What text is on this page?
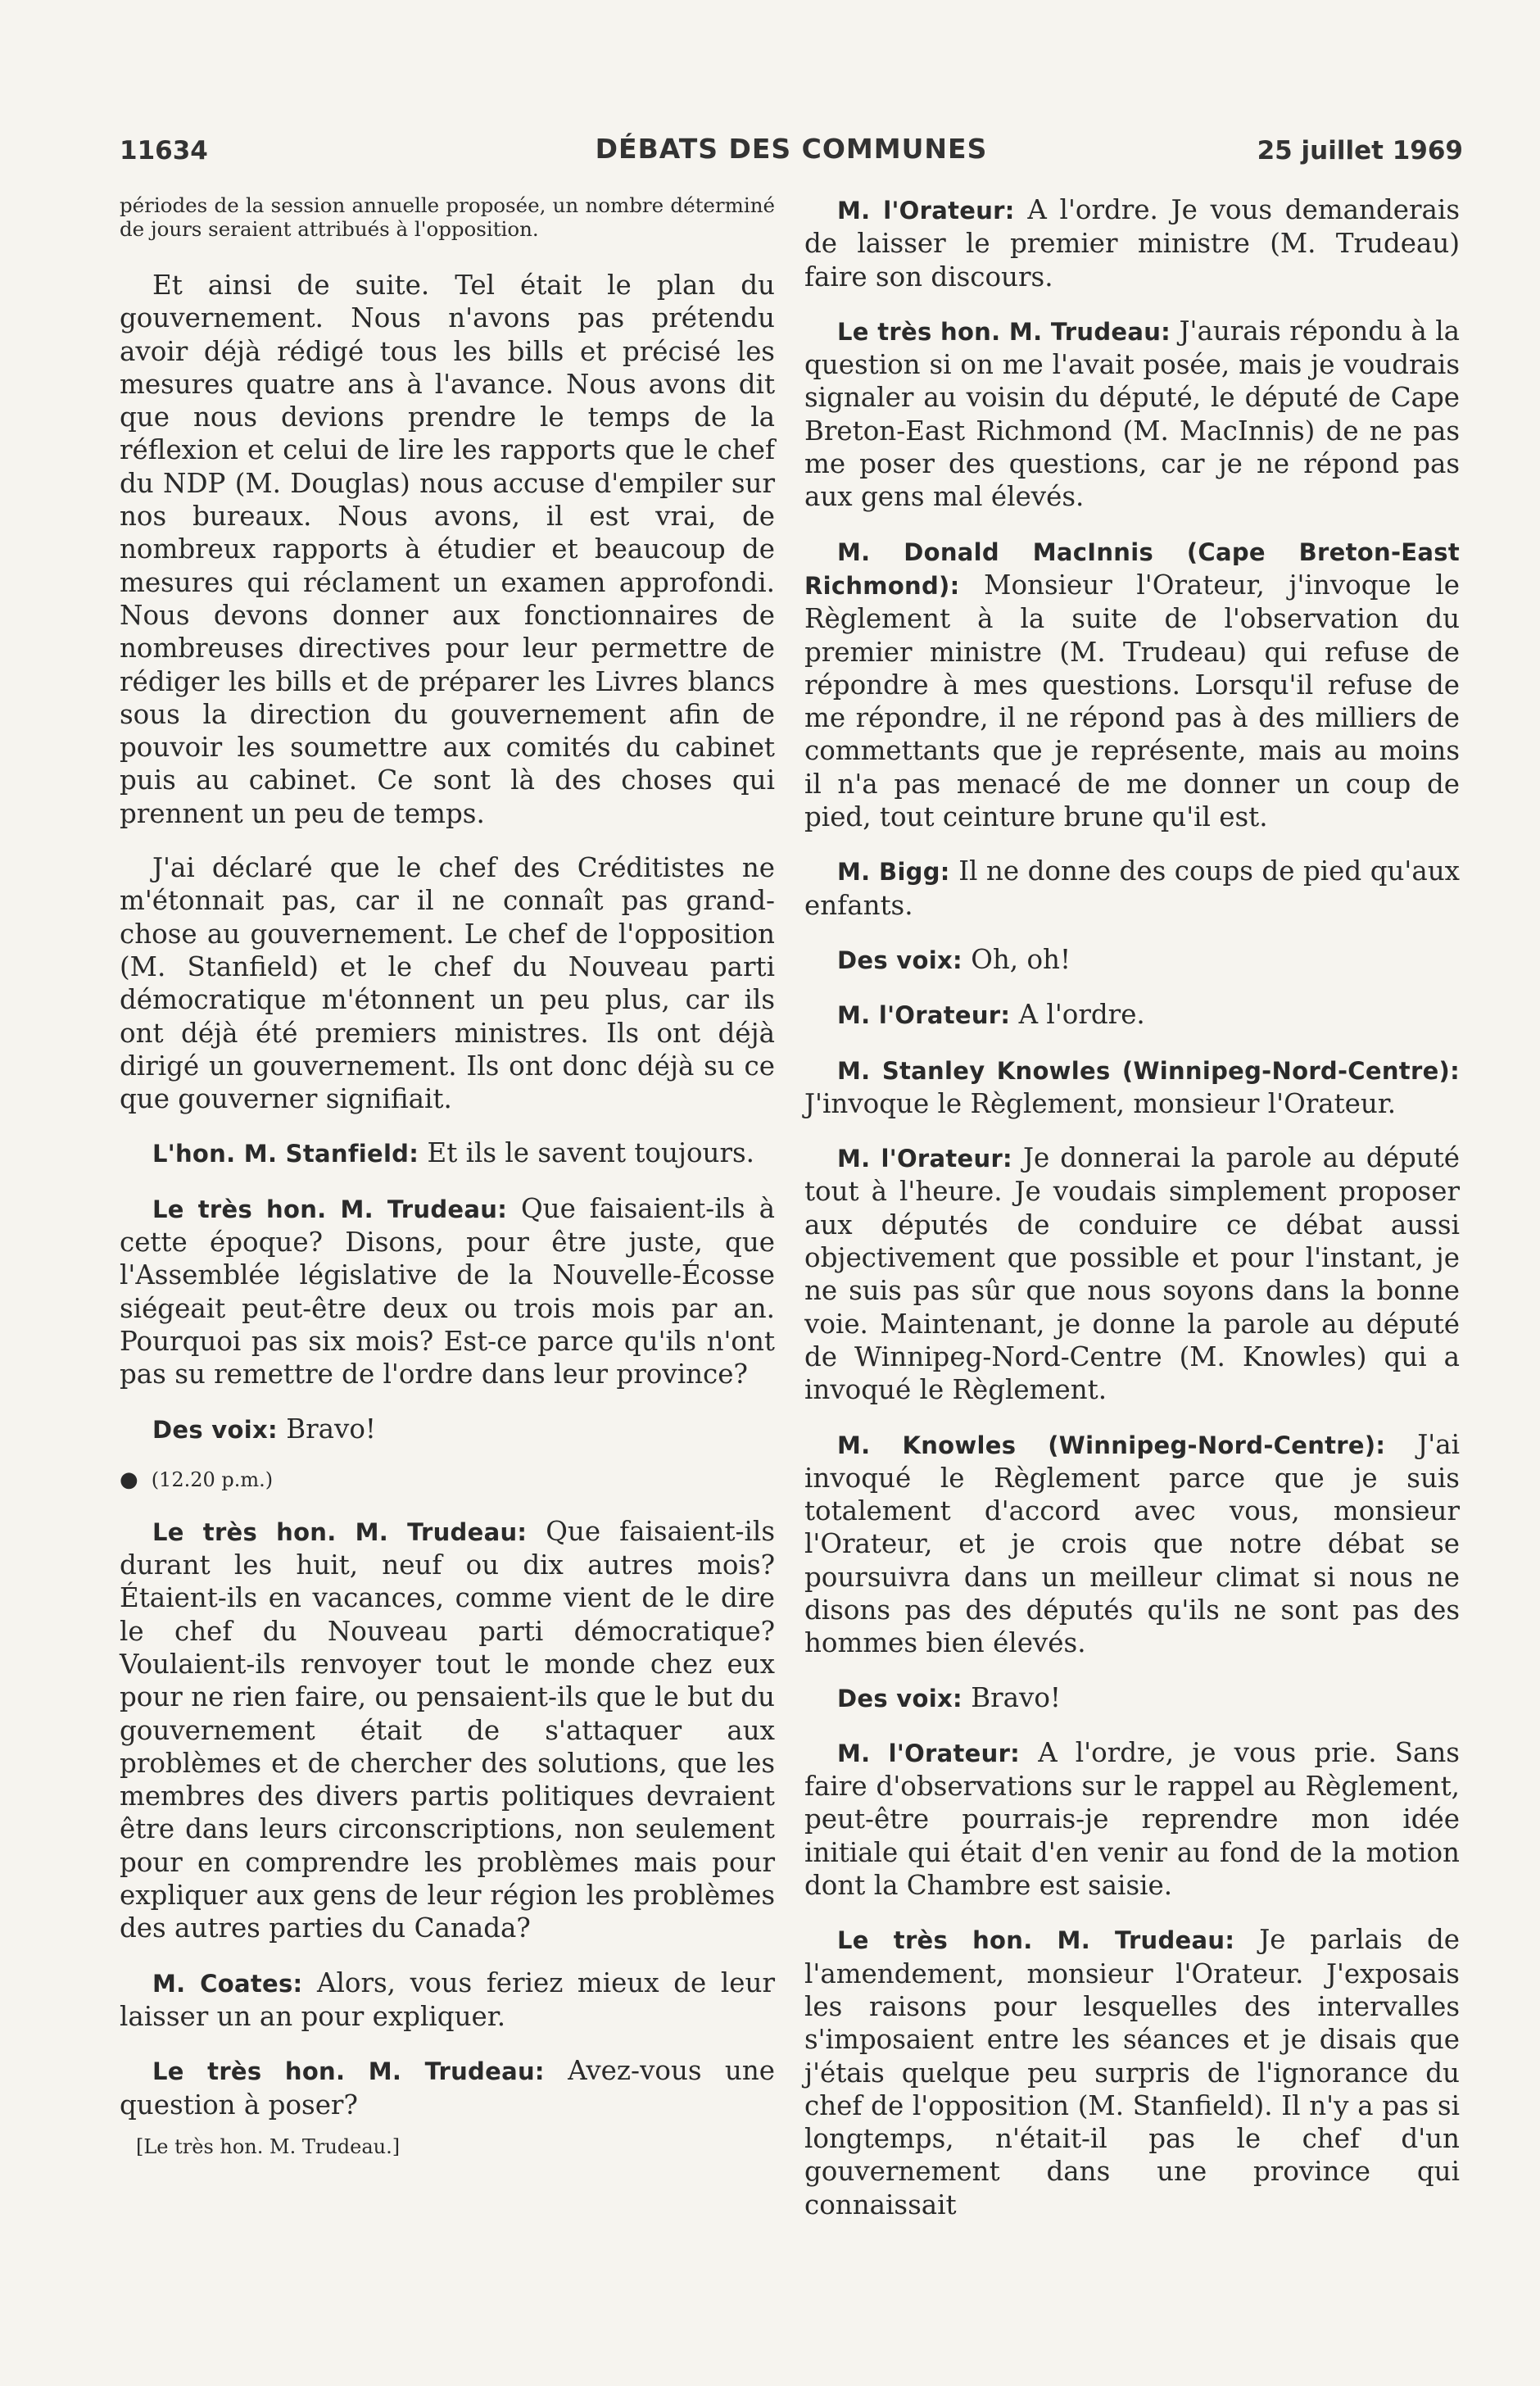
11634	DÉBATS DES COMMUNES	25 juillet 1969

périodes de la session annuelle proposée, un nombre déterminé de jours seraient attribués à l'opposition.

Et ainsi de suite. Tel était le plan du gouvernement. Nous n'avons pas prétendu avoir déjà rédigé tous les bills et précisé les mesures quatre ans à l'avance. Nous avons dit que nous devions prendre le temps de la réflexion et celui de lire les rapports que le chef du NDP (M. Douglas) nous accuse d'empiler sur nos bureaux. Nous avons, il est vrai, de nombreux rapports à étudier et beaucoup de mesures qui réclament un examen approfondi. Nous devons donner aux fonctionnaires de nombreuses directives pour leur permettre de rédiger les bills et de préparer les Livres blancs sous la direction du gouvernement afin de pouvoir les soumettre aux comités du cabinet puis au cabinet. Ce sont là des choses qui prennent un peu de temps.

J'ai déclaré que le chef des Créditistes ne m'étonnait pas, car il ne connaît pas grand-chose au gouvernement. Le chef de l'opposition (M. Stanfield) et le chef du Nouveau parti démocratique m'étonnent un peu plus, car ils ont déjà été premiers ministres. Ils ont déjà dirigé un gouvernement. Ils ont donc déjà su ce que gouverner signifiait.

L'hon. M. Stanfield: Et ils le savent toujours.

Le très hon. M. Trudeau: Que faisaient-ils à cette époque? Disons, pour être juste, que l'Assemblée législative de la Nouvelle-Écosse siégeait peut-être deux ou trois mois par an. Pourquoi pas six mois? Est-ce parce qu'ils n'ont pas su remettre de l'ordre dans leur province?

Des voix: Bravo!

● (12.20 p.m.)

Le très hon. M. Trudeau: Que faisaient-ils durant les huit, neuf ou dix autres mois? Étaient-ils en vacances, comme vient de le dire le chef du Nouveau parti démocratique? Voulaient-ils renvoyer tout le monde chez eux pour ne rien faire, ou pensaient-ils que le but du gouvernement était de s'attaquer aux problèmes et de chercher des solutions, que les membres des divers partis politiques devraient être dans leurs circonscriptions, non seulement pour en comprendre les problèmes mais pour expliquer aux gens de leur région les problèmes des autres parties du Canada?

M. Coates: Alors, vous feriez mieux de leur laisser un an pour expliquer.

Le très hon. M. Trudeau: Avez-vous une question à poser?

[Le très hon. M. Trudeau.]

M. l'Orateur: A l'ordre. Je vous demanderais de laisser le premier ministre (M. Trudeau) faire son discours.

Le très hon. M. Trudeau: J'aurais répondu à la question si on me l'avait posée, mais je voudrais signaler au voisin du député, le député de Cape Breton-East Richmond (M. MacInnis) de ne pas me poser des questions, car je ne répond pas aux gens mal élevés.

M. Donald MacInnis (Cape Breton-East Richmond): Monsieur l'Orateur, j'invoque le Règlement à la suite de l'observation du premier ministre (M. Trudeau) qui refuse de répondre à mes questions. Lorsqu'il refuse de me répondre, il ne répond pas à des milliers de commettants que je représente, mais au moins il n'a pas menacé de me donner un coup de pied, tout ceinture brune qu'il est.

M. Bigg: Il ne donne des coups de pied qu'aux enfants.

Des voix: Oh, oh!

M. l'Orateur: A l'ordre.

M. Stanley Knowles (Winnipeg-Nord-Centre): J'invoque le Règlement, monsieur l'Orateur.

M. l'Orateur: Je donnerai la parole au député tout à l'heure. Je voudais simplement proposer aux députés de conduire ce débat aussi objectivement que possible et pour l'instant, je ne suis pas sûr que nous soyons dans la bonne voie. Maintenant, je donne la parole au député de Winnipeg-Nord-Centre (M. Knowles) qui a invoqué le Règlement.

M. Knowles (Winnipeg-Nord-Centre): J'ai invoqué le Règlement parce que je suis totalement d'accord avec vous, monsieur l'Orateur, et je crois que notre débat se poursuivra dans un meilleur climat si nous ne disons pas des députés qu'ils ne sont pas des hommes bien élevés.

Des voix: Bravo!

M. l'Orateur: A l'ordre, je vous prie. Sans faire d'observations sur le rappel au Règlement, peut-être pourrais-je reprendre mon idée initiale qui était d'en venir au fond de la motion dont la Chambre est saisie.

Le très hon. M. Trudeau: Je parlais de l'amendement, monsieur l'Orateur. J'exposais les raisons pour lesquelles des intervalles s'imposaient entre les séances et je disais que j'étais quelque peu surpris de l'ignorance du chef de l'opposition (M. Stanfield). Il n'y a pas si longtemps, n'était-il pas le chef d'un gouvernement dans une province qui connaissait
